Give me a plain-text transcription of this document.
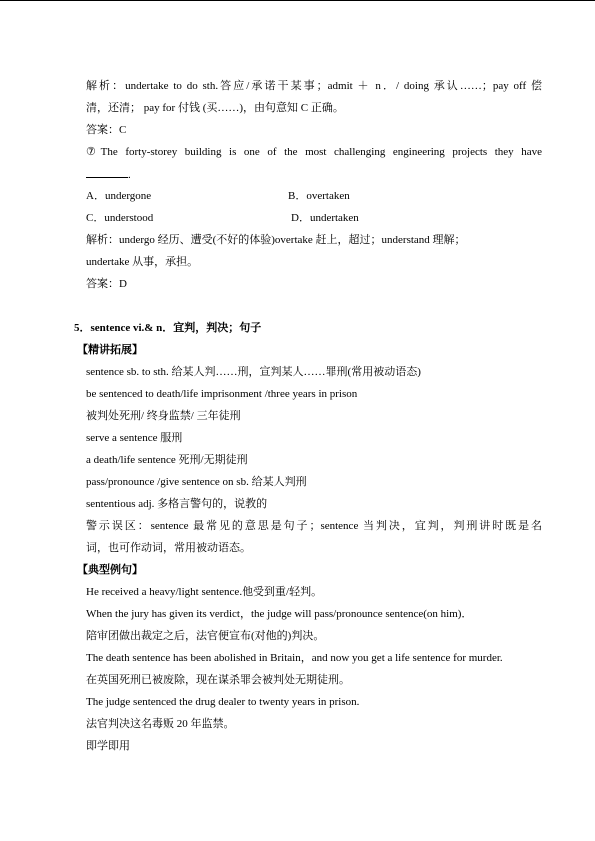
解析：undertake to do sth.答应/承诺干某事；admit ＋ n．/ doing 承认……；pay off 偿
清，还清； pay for 付钱 (买……)，由句意知 C 正确。
答案：C
⑦The forty-storey building is one of the most challenging engineering projects they have
.
A．undergone	B．overtaken
C．understood	D．undertaken
解析：undergo 经历、遭受(不好的体验)overtake 赶上，超过；understand 理解；
undertake 从事，承担。
答案：D
5．sentence vi.& n．宜判，判决；句子
【精讲拓展】
sentence sb. to sth. 给某人判……刑，宣判某人……罪刑(常用被动语态)
be sentenced to death/life imprisonment /three years in prison
被判处死刑/ 终身监禁/ 三年徒刑
serve a sentence 服刑
a death/life sentence 死刑/无期徒刑
pass/pronounce /give sentence on sb. 给某人判刑
sententious adj. 多格言警句的，说教的
警示误区：sentence 最常见的意思是句子；sentence 当判决，宜判，判刑讲时既是名
词，也可作动词，常用被动语态。
【典型例句】
He received a heavy/light sentence.他受到重/轻判。
When the jury has given its verdict，the judge will pass/pronounce sentence(on him)．
陪审团做出裁定之后，法官便宣布(对他的)判决。
The death sentence has been abolished in Britain，and now you get a life sentence for murder.
在英国死刑已被废除，现在谋杀罪会被判处无期徒刑。
The judge sentenced the drug dealer to twenty years in prison.
法官判决这名毒贩 20 年监禁。
即学即用
